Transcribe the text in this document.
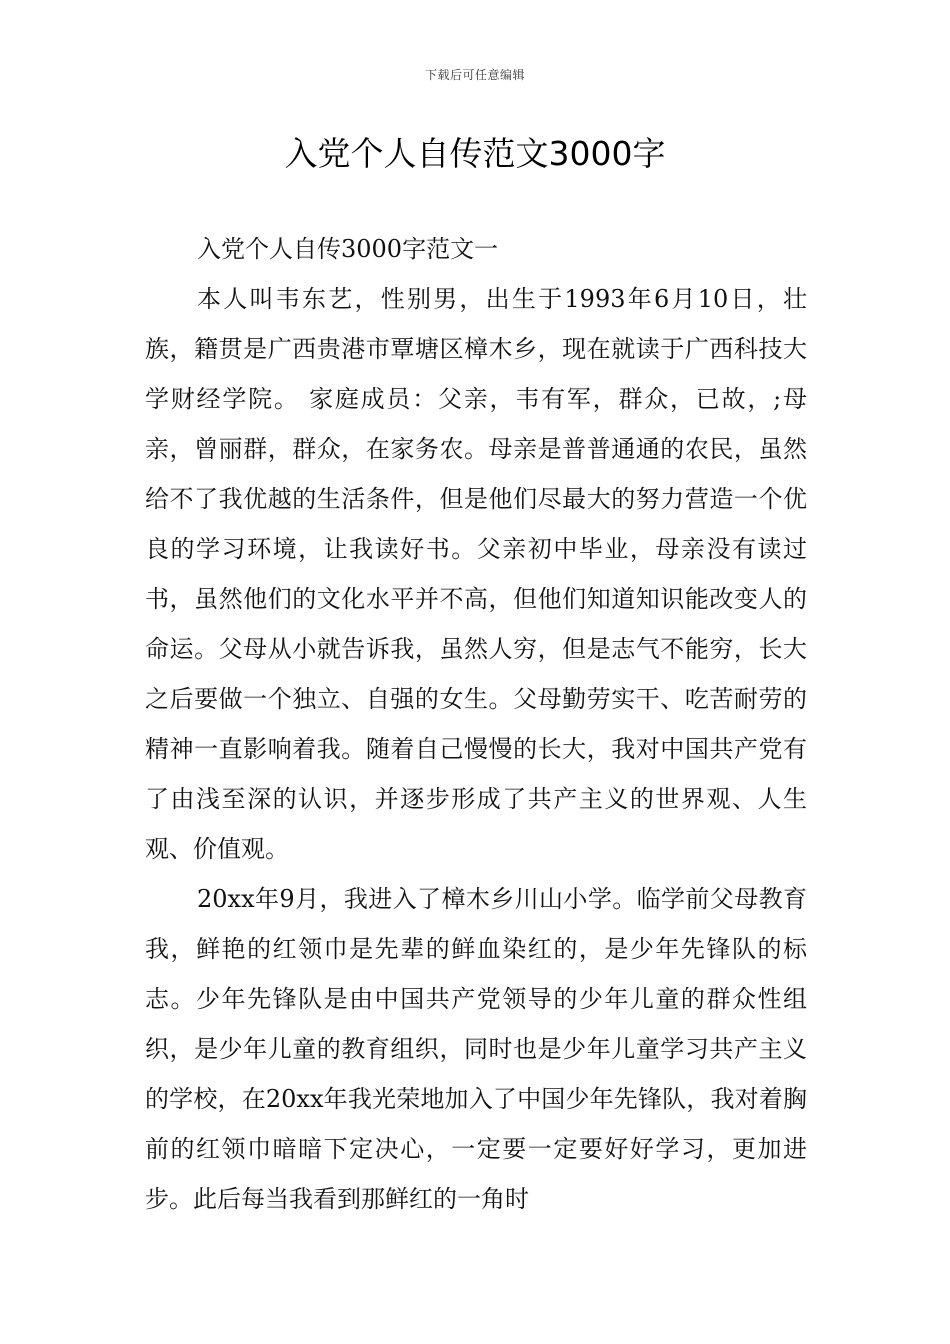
下载后可任意编辑
入党个人自传范文3000字

入党个人自传3000字范文一

本人叫韦东艺，性别男，出生于1993年6月10日，壮族，籍贯是广西贵港市覃塘区樟木乡，现在就读于广西科技大学财经学院。 家庭成员：父亲，韦有军，群众，已故，;母亲，曾丽群，群众，在家务农。母亲是普普通通的农民，虽然给不了我优越的生活条件，但是他们尽最大的努力营造一个优良的学习环境，让我读好书。父亲初中毕业，母亲没有读过书，虽然他们的文化水平并不高，但他们知道知识能改变人的命运。父母从小就告诉我，虽然人穷，但是志气不能穷，长大之后要做一个独立、自强的女生。父母勤劳实干、吃苦耐劳的精神一直影响着我。随着自己慢慢的长大，我对中国共产党有了由浅至深的认识，并逐步形成了共产主义的世界观、人生观、价值观。

20xx年9月，我进入了樟木乡川山小学。临学前父母教育我，鲜艳的红领巾是先辈的鲜血染红的，是少年先锋队的标志。少年先锋队是由中国共产党领导的少年儿童的群众性组织，是少年儿童的教育组织，同时也是少年儿童学习共产主义的学校，在20xx年我光荣地加入了中国少年先锋队，我对着胸前的红领巾暗暗下定决心，一定要一定要好好学习，更加进步。此后每当我看到那鲜红的一角时
